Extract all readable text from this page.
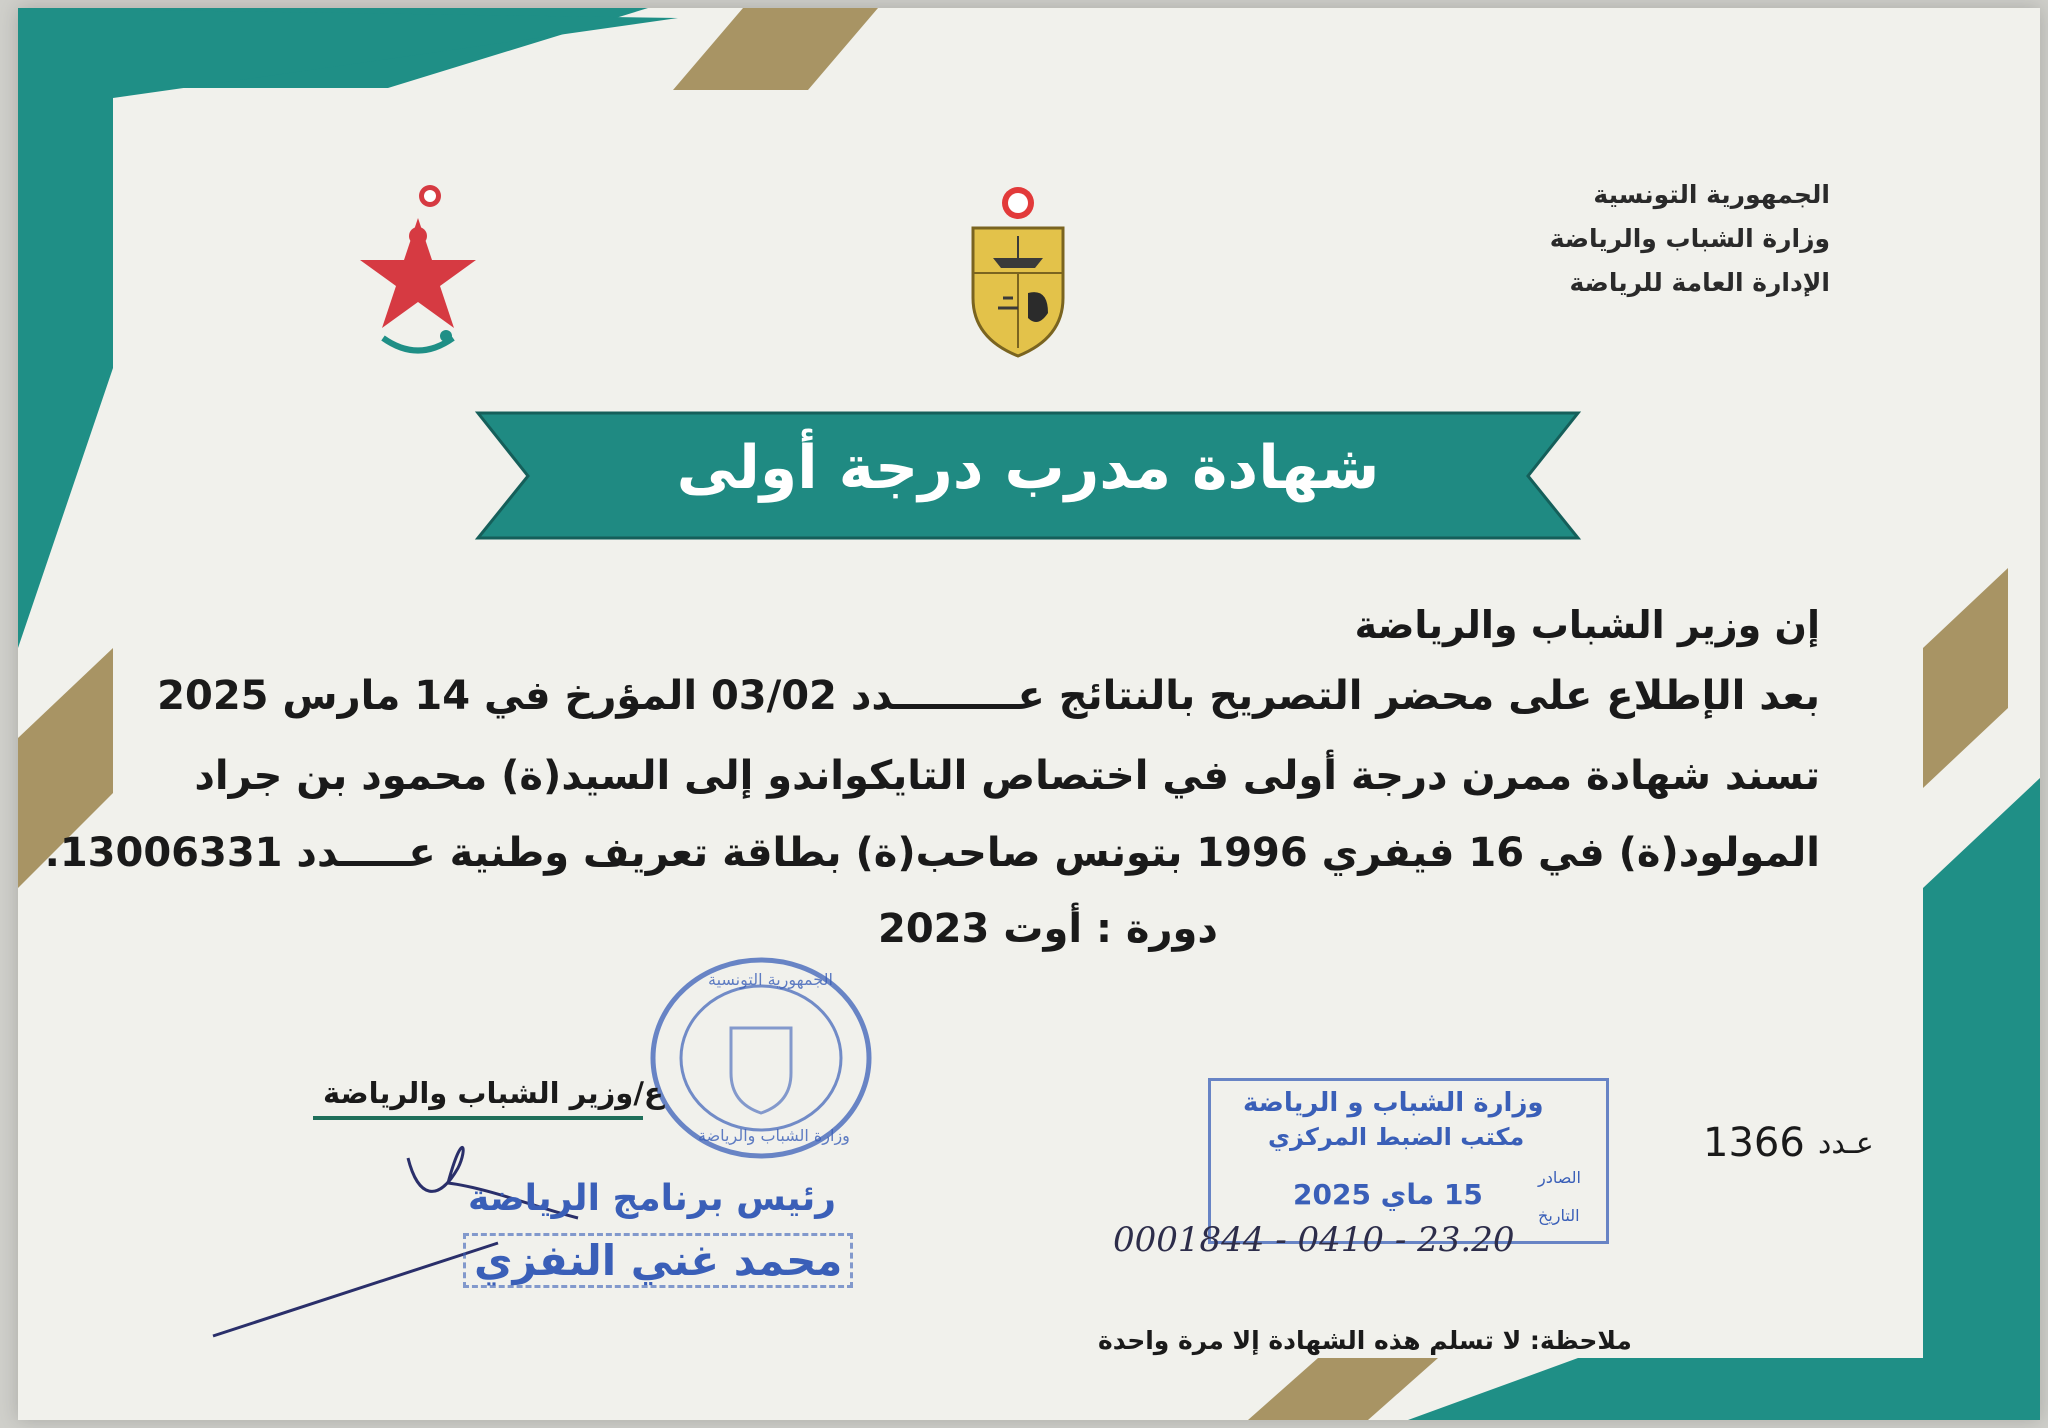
الجمهورية التونسية
وزارة الشباب والرياضة
الإدارة العامة للرياضة
شهادة مدرب درجة أولى
إن وزير الشباب والرياضة
بعد الإطلاع على محضر التصريح بالنتائج عـــــــــدد 03/02 المؤرخ في 14 مارس 2025
تسند شهادة ممرن درجة أولى في اختصاص التايكواندو إلى السيد(ة) محمود بن جراد
المولود(ة) في 16 فيفري 1996 بتونس صاحب(ة) بطاقة تعريف وطنية عـــــدد 13006331.
دورة : أوت 2023
الجمهورية التونسية
وزارة الشباب والرياضة
ع/وزير الشباب والرياضة
رئيس برنامج الرياضة
محمد غني النفزي
وزارة الشباب و الرياضة
مكتب الضبط المركزي
الصادر
التاريخ
15 ماي 2025
0001844 - 0410 - 23.20
عـدد
1366
ملاحظة: لا تسلم هذه الشهادة إلا مرة واحدة
